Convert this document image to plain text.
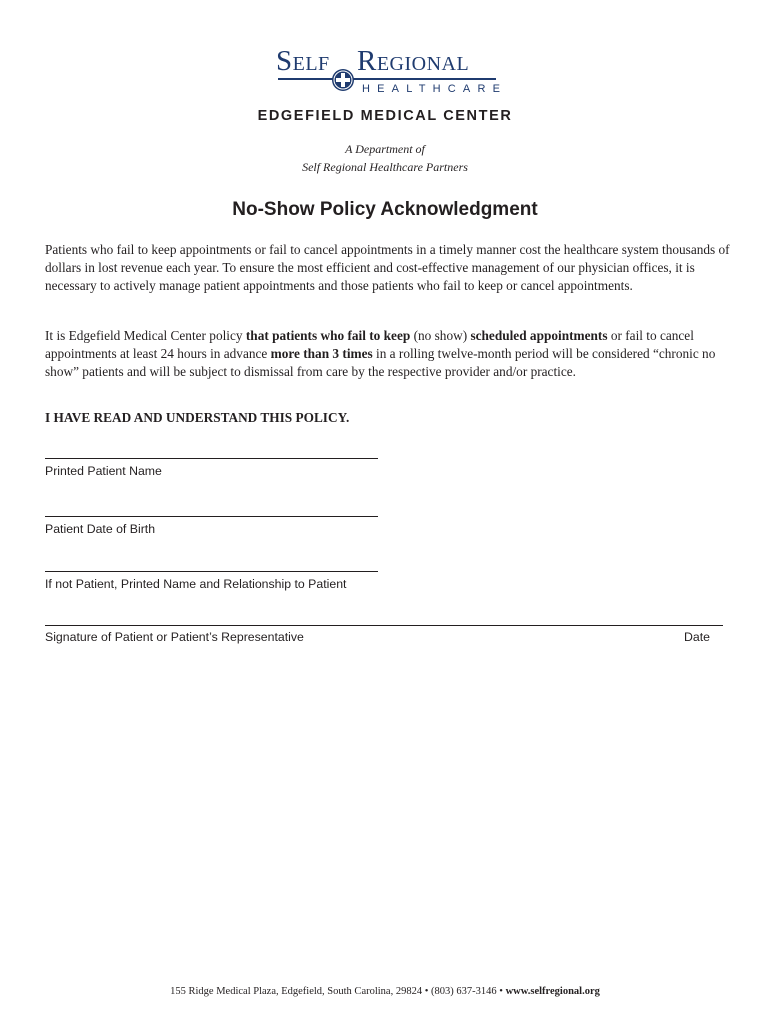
Self Regional
HEALTHCARE
EDGEFIELD MEDICAL CENTER
A Department of
Self Regional Healthcare Partners
No-Show Policy Acknowledgment

Patients who fail to keep appointments or fail to cancel appointments in a timely manner cost the healthcare system thousands of dollars in lost revenue each year. To ensure the most efficient and cost-effective management of our physician offices, it is necessary to actively manage patient appointments and those patients who fail to keep or cancel appointments.

It is Edgefield Medical Center policy that patients who fail to keep (no show) scheduled appointments or fail to cancel appointments at least 24 hours in advance more than 3 times in a rolling twelve-month period will be considered “chronic no show” patients and will be subject to dismissal from care by the respective provider and/or practice.

I HAVE READ AND UNDERSTAND THIS POLICY.
Printed Patient Name
Patient Date of Birth
If not Patient, Printed Name and Relationship to Patient
Signature of Patient or Patient’s Representative	Date
155 Ridge Medical Plaza, Edgefield, South Carolina, 29824 • (803) 637-3146 • www.selfregional.org
